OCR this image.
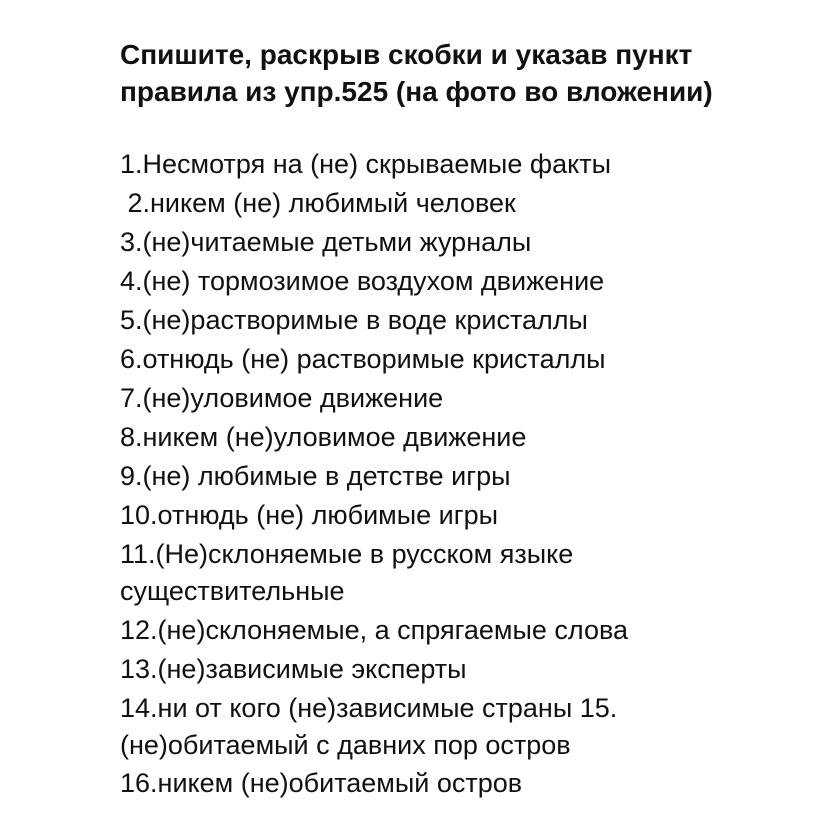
Спишите, раскрыв скобки и указав пункт правила из упр.525 (на фото во вложении)

1.Несмотря на (не) скрываемые факты

2.никем (не) любимый человек

3.(не)читаемые детьми журналы

4.(не) тормозимое воздухом движение

5.(не)растворимые в воде кристаллы

6.отнюдь (не) растворимые кристаллы

7.(не)уловимое движение

8.никем (не)уловимое движение

9.(не) любимые в детстве игры

10.отнюдь (не) любимые игры

11.(Не)склоняемые в русском языке

существительные

12.(не)склоняемые, а спрягаемые слова

13.(не)зависимые эксперты

14.ни от кого (не)зависимые страны 15.

(не)обитаемый с давних пор остров

16.никем (не)обитаемый остров
